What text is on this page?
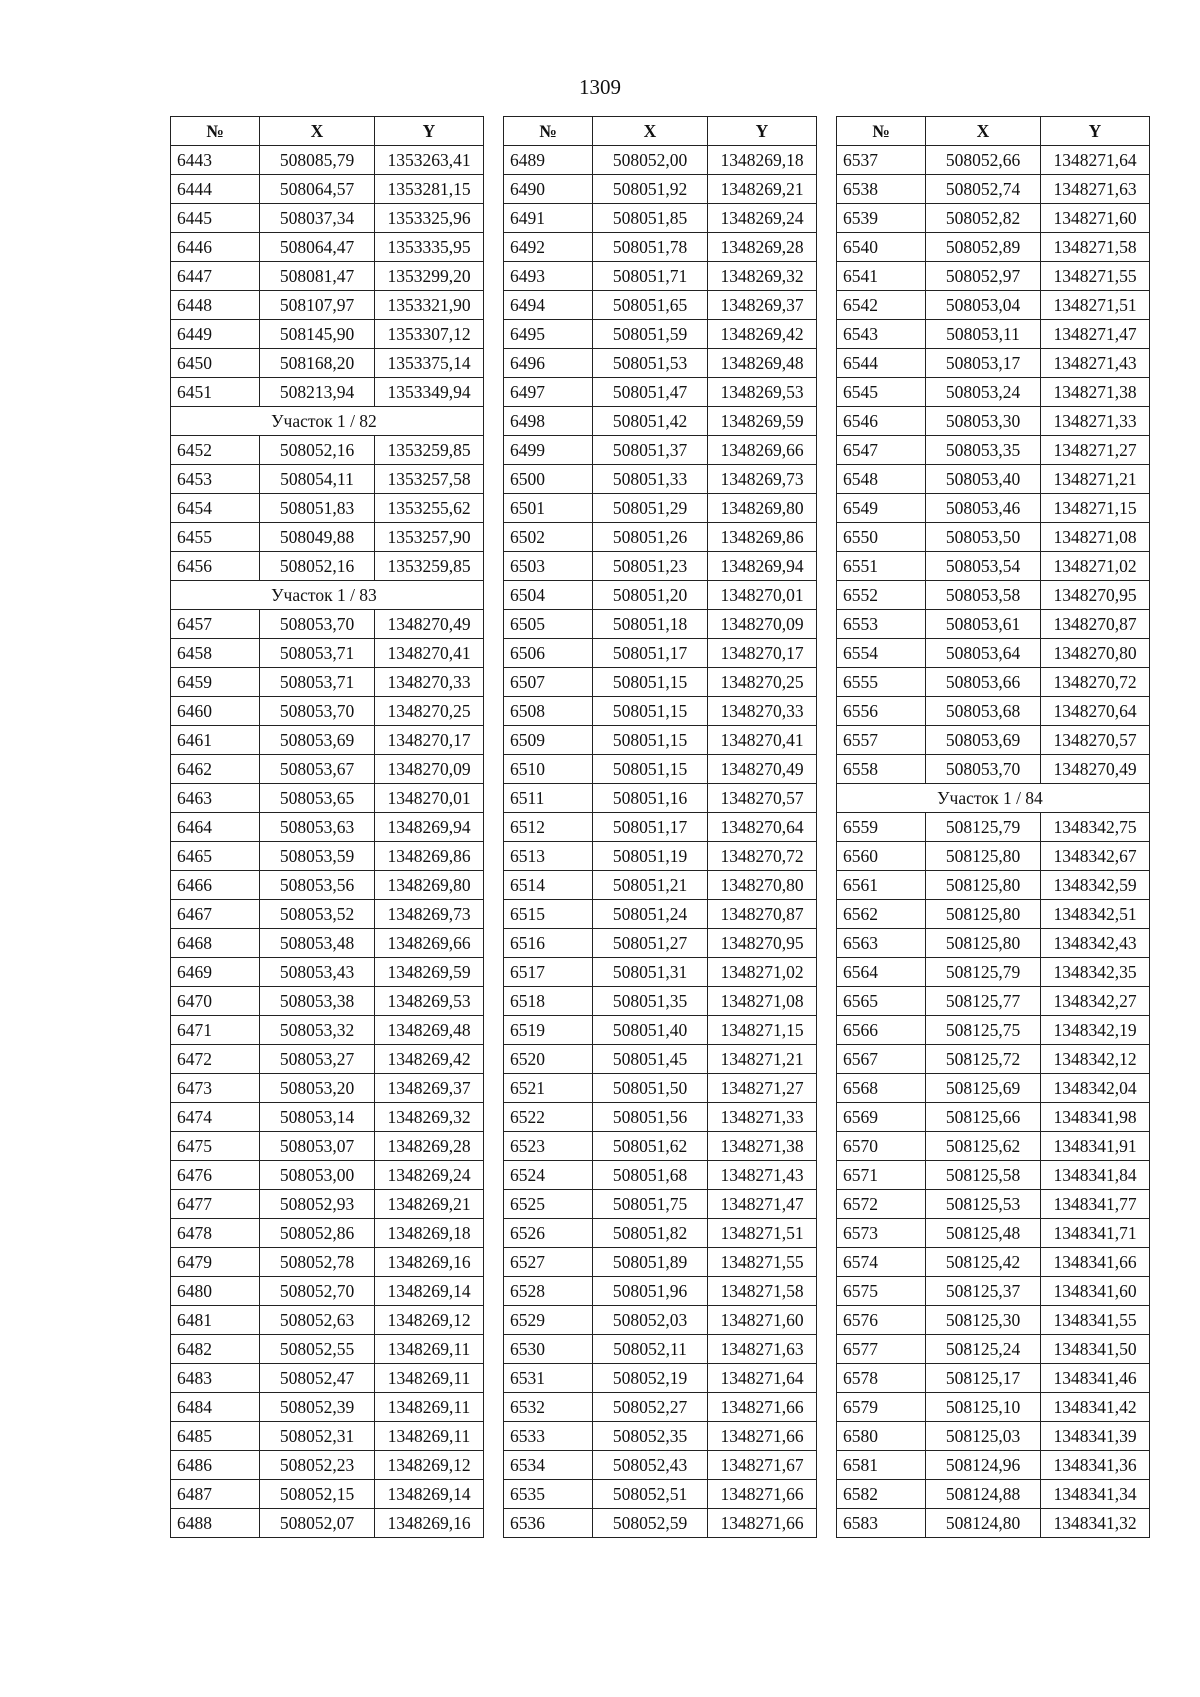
1309
№	X	Y
6443	508085,79	1353263,41
6444	508064,57	1353281,15
6445	508037,34	1353325,96
6446	508064,47	1353335,95
6447	508081,47	1353299,20
6448	508107,97	1353321,90
6449	508145,90	1353307,12
6450	508168,20	1353375,14
6451	508213,94	1353349,94
Участок 1 / 82		
6452	508052,16	1353259,85
6453	508054,11	1353257,58
6454	508051,83	1353255,62
6455	508049,88	1353257,90
6456	508052,16	1353259,85
Участок 1 / 83		
6457	508053,70	1348270,49
6458	508053,71	1348270,41
6459	508053,71	1348270,33
6460	508053,70	1348270,25
6461	508053,69	1348270,17
6462	508053,67	1348270,09
6463	508053,65	1348270,01
6464	508053,63	1348269,94
6465	508053,59	1348269,86
6466	508053,56	1348269,80
6467	508053,52	1348269,73
6468	508053,48	1348269,66
6469	508053,43	1348269,59
6470	508053,38	1348269,53
6471	508053,32	1348269,48
6472	508053,27	1348269,42
6473	508053,20	1348269,37
6474	508053,14	1348269,32
6475	508053,07	1348269,28
6476	508053,00	1348269,24
6477	508052,93	1348269,21
6478	508052,86	1348269,18
6479	508052,78	1348269,16
6480	508052,70	1348269,14
6481	508052,63	1348269,12
6482	508052,55	1348269,11
6483	508052,47	1348269,11
6484	508052,39	1348269,11
6485	508052,31	1348269,11
6486	508052,23	1348269,12
6487	508052,15	1348269,14
6488	508052,07	1348269,16
№	X	Y
6489	508052,00	1348269,18
6490	508051,92	1348269,21
6491	508051,85	1348269,24
6492	508051,78	1348269,28
6493	508051,71	1348269,32
6494	508051,65	1348269,37
6495	508051,59	1348269,42
6496	508051,53	1348269,48
6497	508051,47	1348269,53
6498	508051,42	1348269,59
6499	508051,37	1348269,66
6500	508051,33	1348269,73
6501	508051,29	1348269,80
6502	508051,26	1348269,86
6503	508051,23	1348269,94
6504	508051,20	1348270,01
6505	508051,18	1348270,09
6506	508051,17	1348270,17
6507	508051,15	1348270,25
6508	508051,15	1348270,33
6509	508051,15	1348270,41
6510	508051,15	1348270,49
6511	508051,16	1348270,57
6512	508051,17	1348270,64
6513	508051,19	1348270,72
6514	508051,21	1348270,80
6515	508051,24	1348270,87
6516	508051,27	1348270,95
6517	508051,31	1348271,02
6518	508051,35	1348271,08
6519	508051,40	1348271,15
6520	508051,45	1348271,21
6521	508051,50	1348271,27
6522	508051,56	1348271,33
6523	508051,62	1348271,38
6524	508051,68	1348271,43
6525	508051,75	1348271,47
6526	508051,82	1348271,51
6527	508051,89	1348271,55
6528	508051,96	1348271,58
6529	508052,03	1348271,60
6530	508052,11	1348271,63
6531	508052,19	1348271,64
6532	508052,27	1348271,66
6533	508052,35	1348271,66
6534	508052,43	1348271,67
6535	508052,51	1348271,66
6536	508052,59	1348271,66
№	X	Y
6537	508052,66	1348271,64
6538	508052,74	1348271,63
6539	508052,82	1348271,60
6540	508052,89	1348271,58
6541	508052,97	1348271,55
6542	508053,04	1348271,51
6543	508053,11	1348271,47
6544	508053,17	1348271,43
6545	508053,24	1348271,38
6546	508053,30	1348271,33
6547	508053,35	1348271,27
6548	508053,40	1348271,21
6549	508053,46	1348271,15
6550	508053,50	1348271,08
6551	508053,54	1348271,02
6552	508053,58	1348270,95
6553	508053,61	1348270,87
6554	508053,64	1348270,80
6555	508053,66	1348270,72
6556	508053,68	1348270,64
6557	508053,69	1348270,57
6558	508053,70	1348270,49
Участок 1 / 84		
6559	508125,79	1348342,75
6560	508125,80	1348342,67
6561	508125,80	1348342,59
6562	508125,80	1348342,51
6563	508125,80	1348342,43
6564	508125,79	1348342,35
6565	508125,77	1348342,27
6566	508125,75	1348342,19
6567	508125,72	1348342,12
6568	508125,69	1348342,04
6569	508125,66	1348341,98
6570	508125,62	1348341,91
6571	508125,58	1348341,84
6572	508125,53	1348341,77
6573	508125,48	1348341,71
6574	508125,42	1348341,66
6575	508125,37	1348341,60
6576	508125,30	1348341,55
6577	508125,24	1348341,50
6578	508125,17	1348341,46
6579	508125,10	1348341,42
6580	508125,03	1348341,39
6581	508124,96	1348341,36
6582	508124,88	1348341,34
6583	508124,80	1348341,32
